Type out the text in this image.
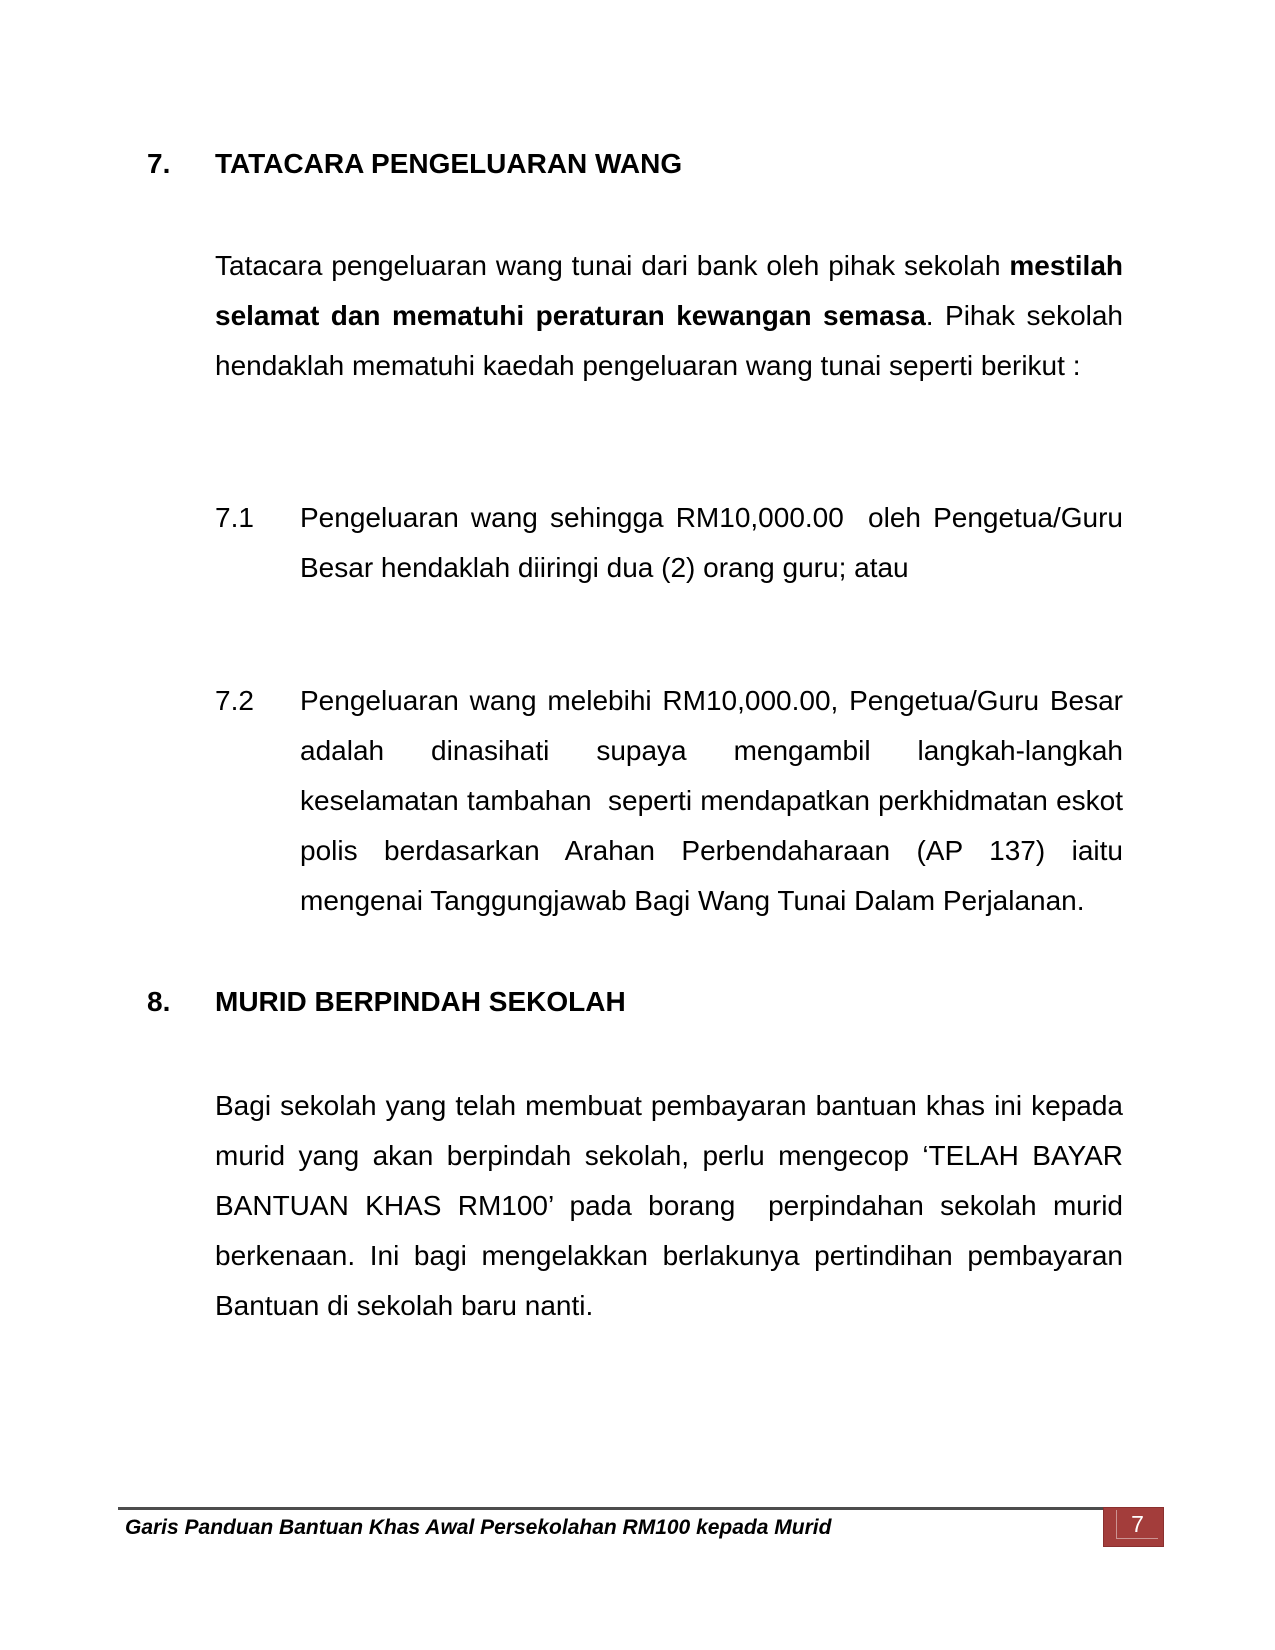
7.	TATACARA PENGELUARAN WANG
Tatacara pengeluaran wang tunai dari bank oleh pihak sekolah mestilah selamat dan mematuhi peraturan kewangan semasa. Pihak sekolah hendaklah mematuhi kaedah pengeluaran wang tunai seperti berikut :
7.1	Pengeluaran wang sehingga RM10,000.00  oleh Pengetua/Guru Besar hendaklah diiringi dua (2) orang guru; atau
7.2	Pengeluaran wang melebihi RM10,000.00, Pengetua/Guru Besar adalah dinasihati supaya mengambil langkah-langkah keselamatan tambahan  seperti mendapatkan perkhidmatan eskot polis berdasarkan Arahan Perbendaharaan (AP 137) iaitu mengenai Tanggungjawab Bagi Wang Tunai Dalam Perjalanan.
8.	MURID BERPINDAH SEKOLAH
Bagi sekolah yang telah membuat pembayaran bantuan khas ini kepada murid yang akan berpindah sekolah, perlu mengecop ‘TELAH BAYAR BANTUAN KHAS RM100’ pada borang  perpindahan sekolah murid berkenaan. Ini bagi mengelakkan berlakunya pertindihan pembayaran Bantuan di sekolah baru nanti.
Garis Panduan Bantuan Khas Awal Persekolahan RM100 kepada Murid	7
